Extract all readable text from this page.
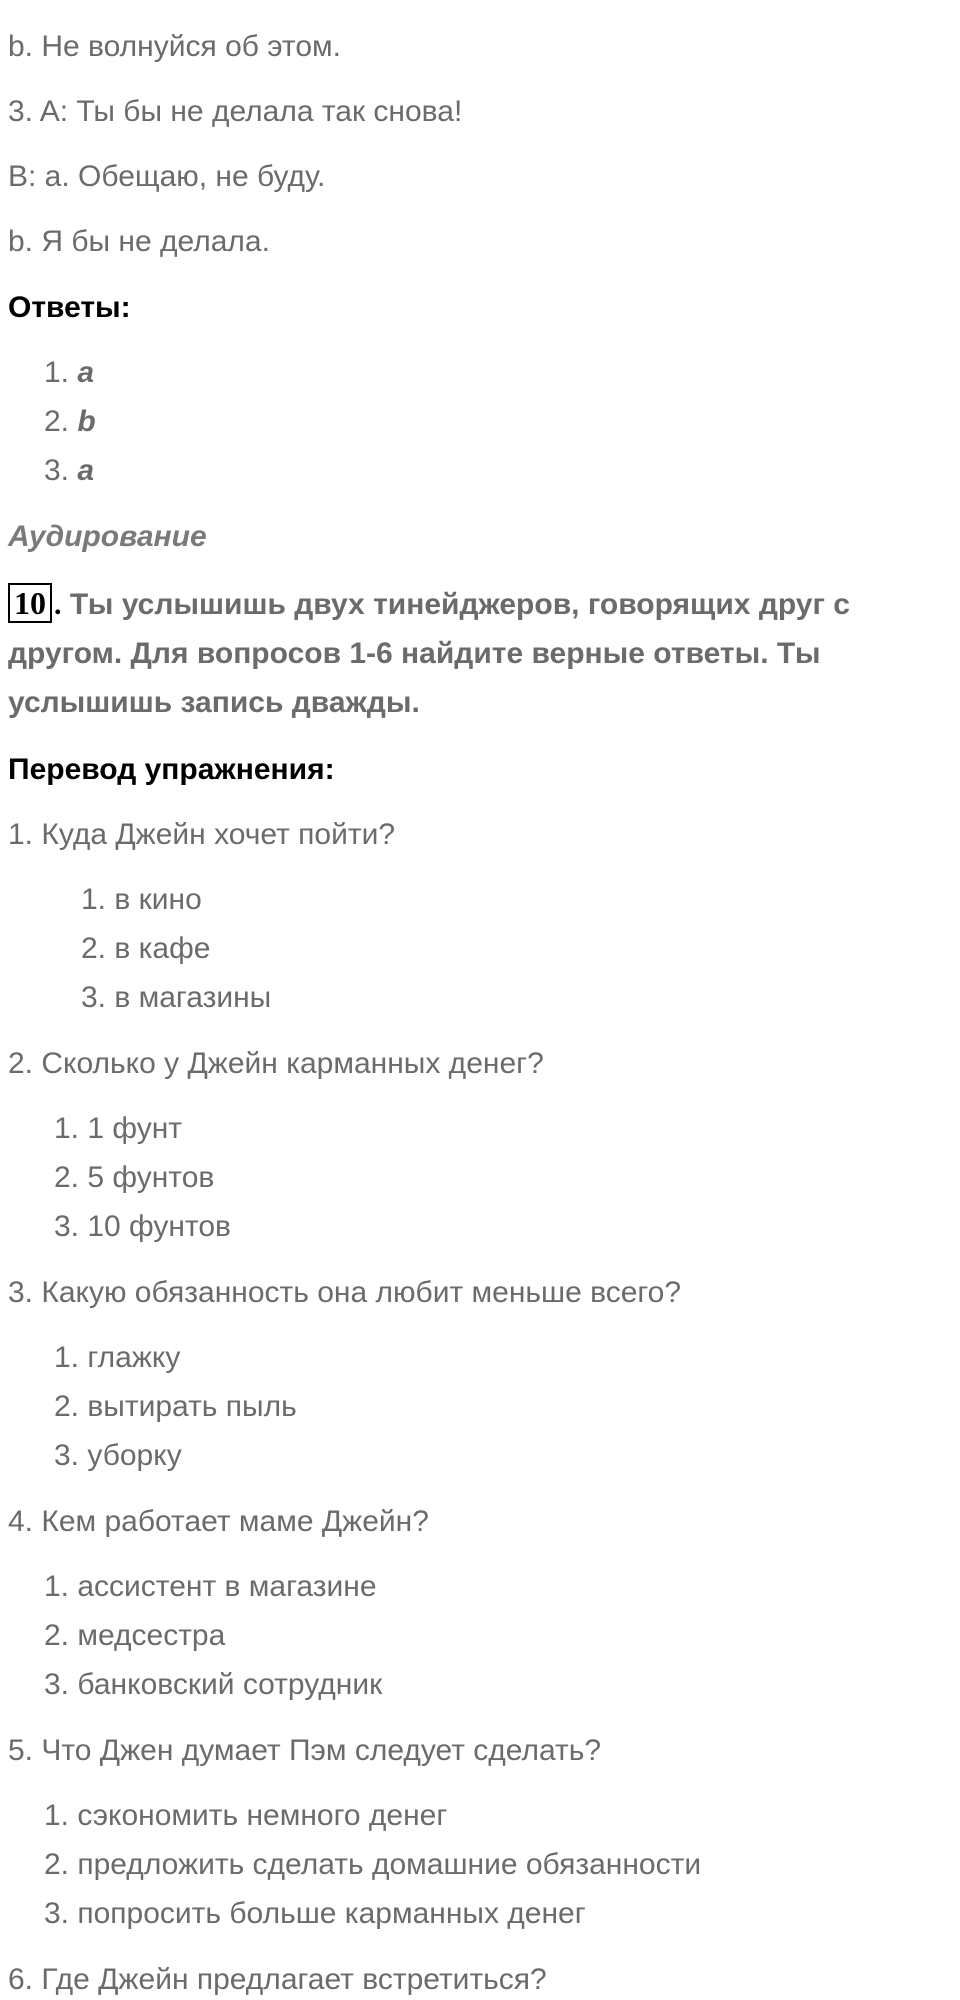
b. Не волнуйся об этом.
3. A: Ты бы не делала так снова!
B: a. Обещаю, не буду.
b. Я бы не делала.
Ответы:
1. a
2. b
3. a
Аудирование
10 . Ты услышишь двух тинейджеров, говорящих друг с другом. Для вопросов 1-6 найдите верные ответы. Ты услышишь запись дважды.
Перевод упражнения:
1. Куда Джейн хочет пойти?
1. в кино
2. в кафе
3. в магазины
2. Сколько у Джейн карманных денег?
1. 1 фунт
2. 5 фунтов
3. 10 фунтов
3. Какую обязанность она любит меньше всего?
1. глажку
2. вытирать пыль
3. уборку
4. Кем работает маме Джейн?
1. ассистент в магазине
2. медсестра
3. банковский сотрудник
5. Что Джен думает Пэм следует сделать?
1. сэкономить немного денег
2. предложить сделать домашние обязанности
3. попросить больше карманных денег
6. Где Джейн предлагает встретиться?
